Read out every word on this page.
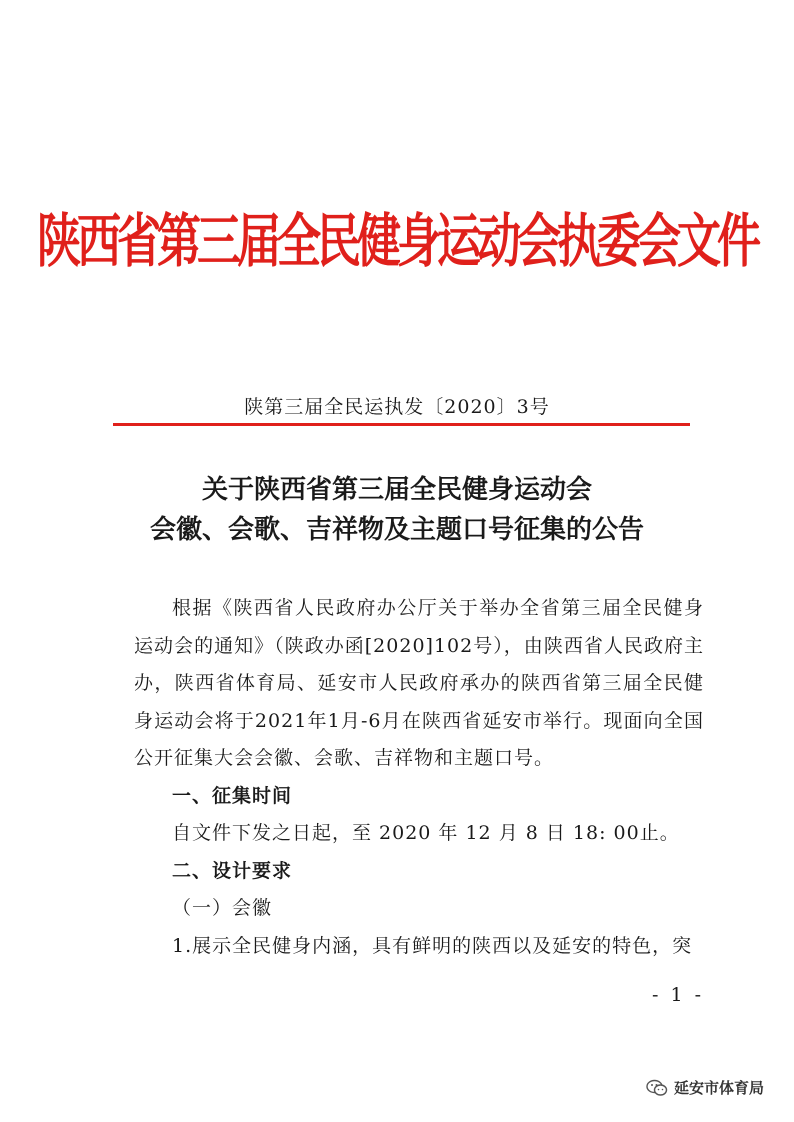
陕西省第三届全民健身运动会执委会文件
陕第三届全民运执发〔2020〕3号
关于陕西省第三届全民健身运动会
会徽、会歌、吉祥物及主题口号征集的公告

根据《陕西省人民政府办公厅关于举办全省第三届全民健身运动会的通知》（陕政办函[2020]102号），由陕西省人民政府主办，陕西省体育局、延安市人民政府承办的陕西省第三届全民健身运动会将于2021年1月-6月在陕西省延安市举行。现面向全国公开征集大会会徽、会歌、吉祥物和主题口号。

一、征集时间

自文件下发之日起，至 2020 年 12 月 8 日 18: 00止。

二、设计要求

（一）会徽

1.展示全民健身内涵，具有鲜明的陕西以及延安的特色，突

- 1 -
延安市体育局
